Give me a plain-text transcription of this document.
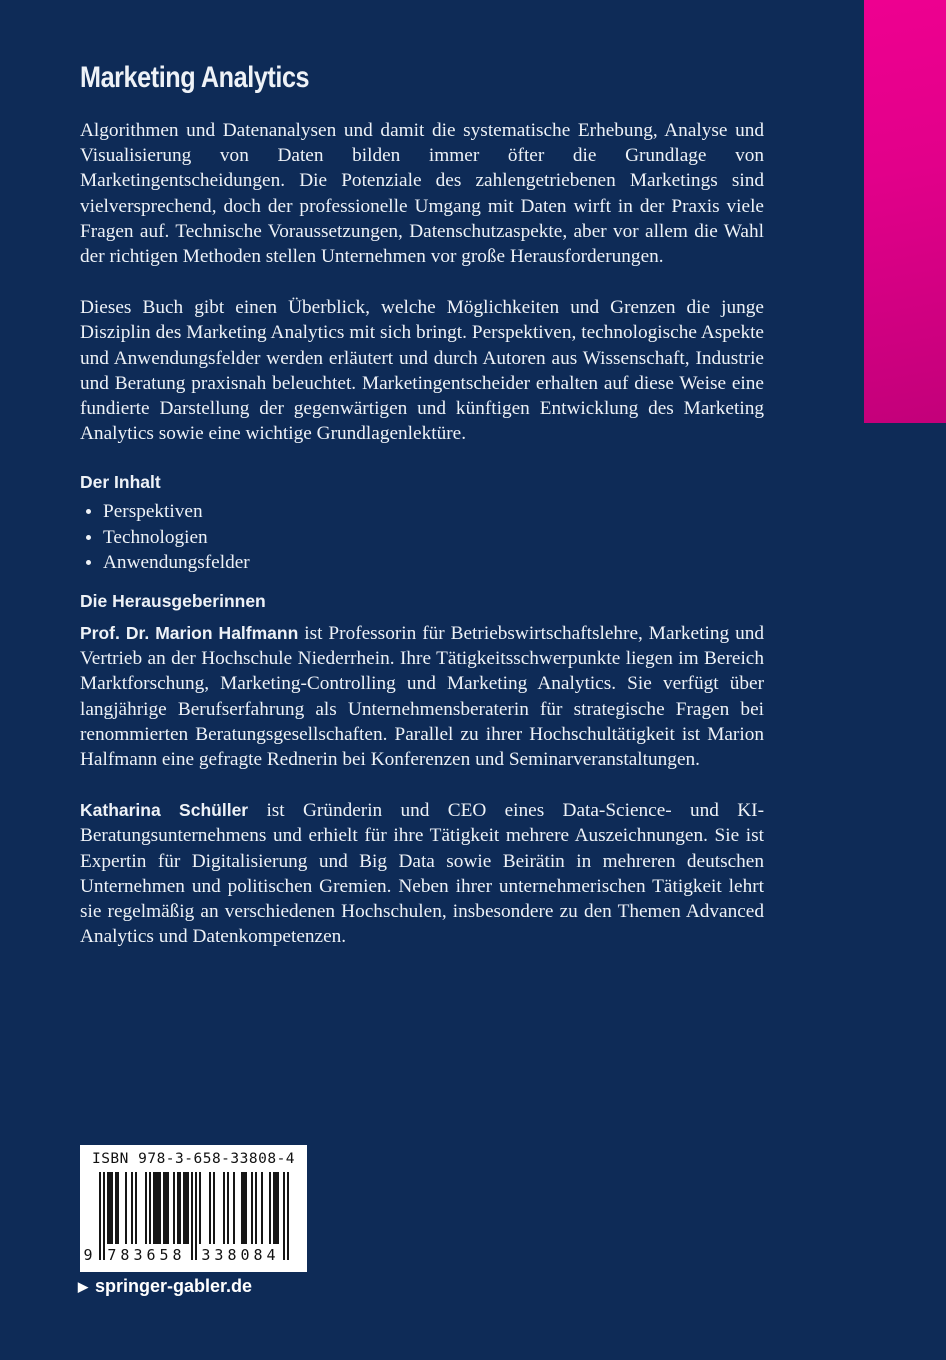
Marketing Analytics

Algorithmen und Datenanalysen und damit die systematische Erhebung, Analyse und Visualisierung von Daten bilden immer öfter die Grundlage von Marketingentscheidungen. Die Potenziale des zahlengetriebenen Marketings sind vielversprechend, doch der professionelle Umgang mit Daten wirft in der Praxis viele Fragen auf. Technische Voraussetzungen, Datenschutzaspekte, aber vor allem die Wahl der richtigen Methoden stellen Unternehmen vor große Herausforderungen.

Dieses Buch gibt einen Überblick, welche Möglichkeiten und Grenzen die junge Disziplin des Marketing Analytics mit sich bringt. Perspektiven, technologische Aspekte und Anwendungsfelder werden erläutert und durch Autoren aus Wissenschaft, Industrie und Beratung praxisnah beleuchtet. Marketingentscheider erhalten auf diese Weise eine fundierte Darstellung der gegenwärtigen und künftigen Entwicklung des Marketing Analytics sowie eine wichtige Grundlagenlektüre.

Der Inhalt
Perspektiven
Technologien
Anwendungsfelder
Die Herausgeberinnen

Prof. Dr. Marion Halfmann ist Professorin für Betriebswirtschaftslehre, Marketing und Vertrieb an der Hochschule Niederrhein. Ihre Tätigkeitsschwerpunkte liegen im Bereich Marktforschung, Marketing-Controlling und Marketing Analytics. Sie verfügt über langjährige Berufserfahrung als Unternehmensberaterin für strategische Fragen bei renommierten Beratungsgesellschaften. Parallel zu ihrer Hochschultätigkeit ist Marion Halfmann eine gefragte Rednerin bei Konferenzen und Seminarveranstaltungen.

Katharina Schüller ist Gründerin und CEO eines Data-Science- und KI-Beratungsunternehmens und erhielt für ihre Tätigkeit mehrere Auszeichnungen. Sie ist Expertin für Digitalisierung und Big Data sowie Beirätin in mehreren deutschen Unternehmen und politischen Gremien. Neben ihrer unternehmerischen Tätigkeit lehrt sie regelmäßig an verschiedenen Hochschulen, insbesondere zu den Themen Advanced Analytics und Datenkompetenzen.

ISBN 978-3-658-33808-4
9 783658 338084
▶ springer-gabler.de
